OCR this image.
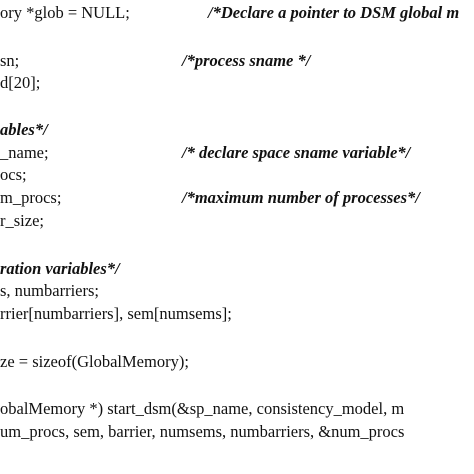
ory *glob = NULL;	/*Declare a pointer to DSM global m
sn;	/*process sname */
d[20];
ables*/
_name;	/* declare space sname variable*/
ocs;
m_procs;	/*maximum number of processes*/
r_size;
ration variables*/
s, numbarriers;
rrier[numbarriers], sem[numsems];
ze = sizeof(GlobalMemory);
obalMemory *) start_dsm(&sp_name, consistency_model, m
um_procs, sem, barrier, numsems, numbarriers, &num_procs
